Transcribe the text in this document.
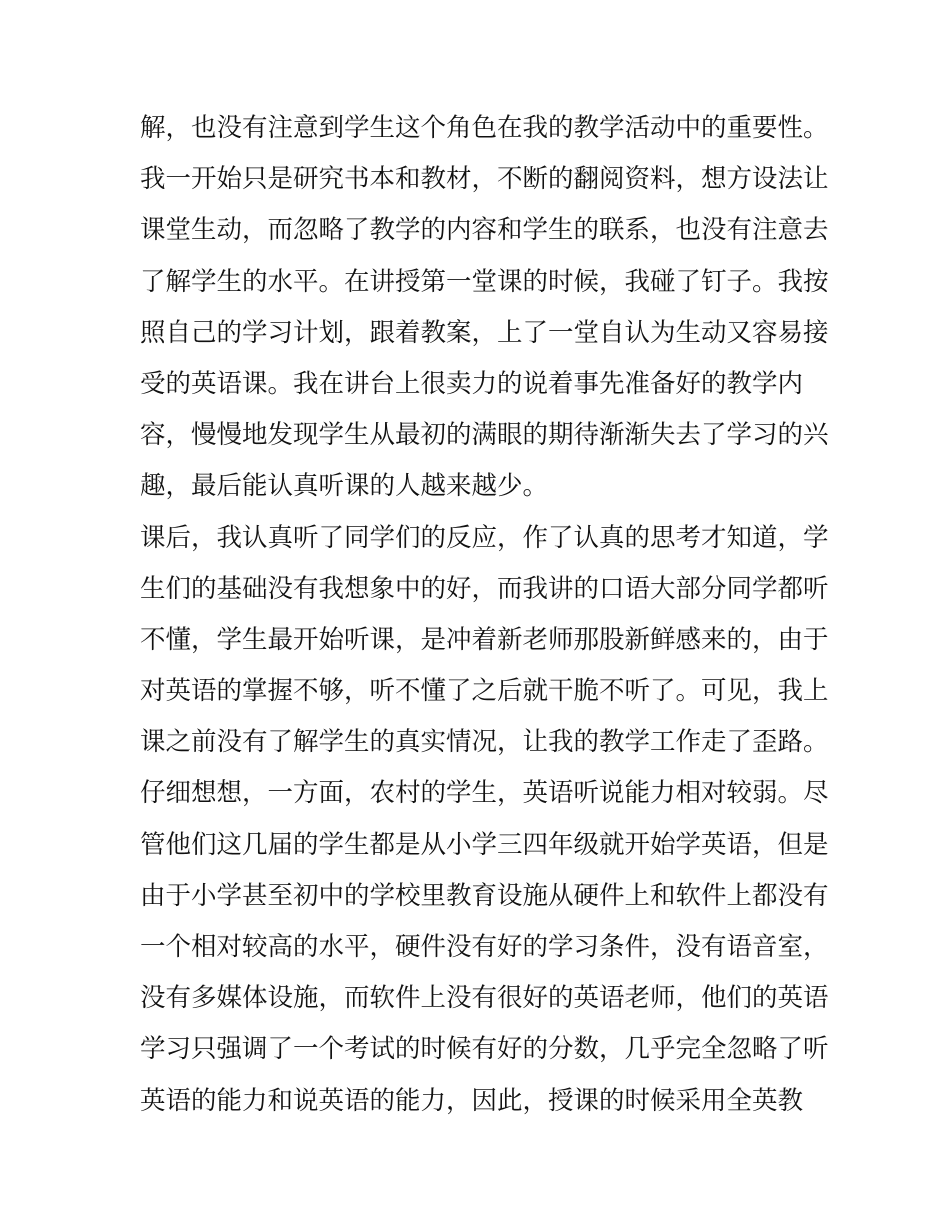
解，也没有注意到学生这个角色在我的教学活动中的重要性。
我一开始只是研究书本和教材，不断的翻阅资料，想方设法让
课堂生动，而忽略了教学的内容和学生的联系，也没有注意去
了解学生的水平。在讲授第一堂课的时候，我碰了钉子。我按
照自己的学习计划，跟着教案，上了一堂自认为生动又容易接
受的英语课。我在讲台上很卖力的说着事先准备好的教学内
容，慢慢地发现学生从最初的满眼的期待渐渐失去了学习的兴
趣，最后能认真听课的人越来越少。
课后，我认真听了同学们的反应，作了认真的思考才知道，学
生们的基础没有我想象中的好，而我讲的口语大部分同学都听
不懂，学生最开始听课，是冲着新老师那股新鲜感来的，由于
对英语的掌握不够，听不懂了之后就干脆不听了。可见，我上
课之前没有了解学生的真实情况，让我的教学工作走了歪路。
仔细想想，一方面，农村的学生，英语听说能力相对较弱。尽
管他们这几届的学生都是从小学三四年级就开始学英语，但是
由于小学甚至初中的学校里教育设施从硬件上和软件上都没有
一个相对较高的水平，硬件没有好的学习条件，没有语音室，
没有多媒体设施，而软件上没有很好的英语老师，他们的英语
学习只强调了一个考试的时候有好的分数，几乎完全忽略了听
英语的能力和说英语的能力，因此，授课的时候采用全英教
